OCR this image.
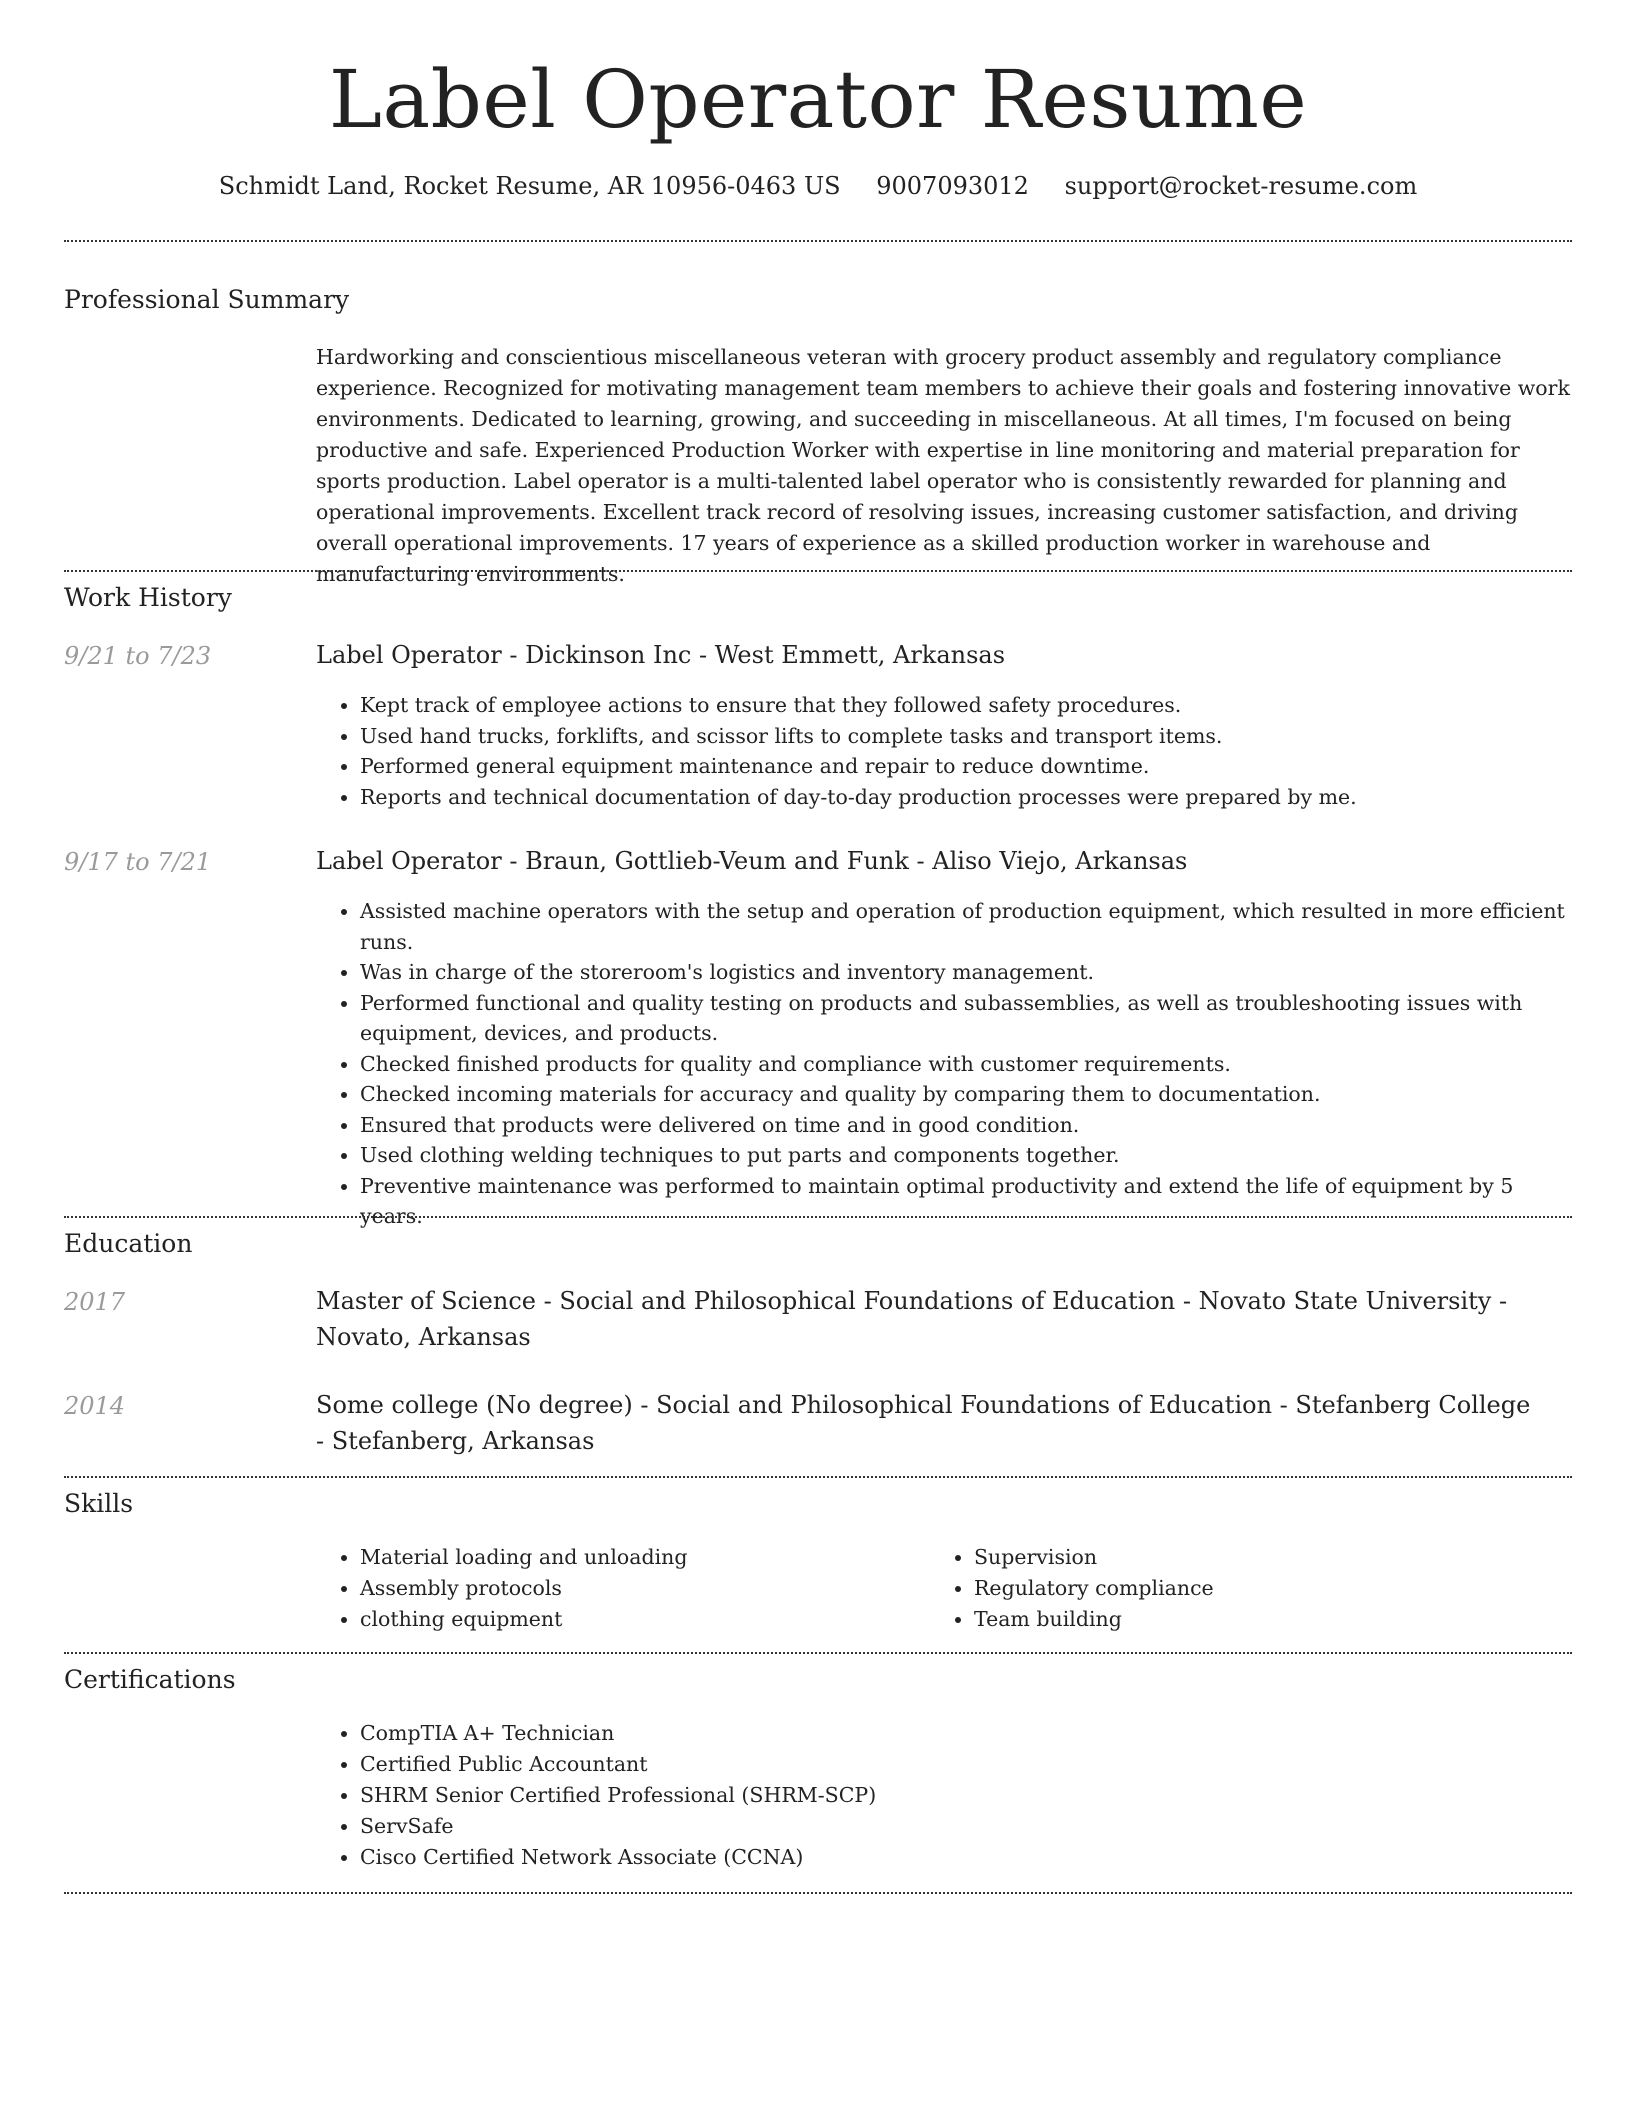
Label Operator Resume
Schmidt Land, Rocket Resume, AR 10956-0463 US 9007093012 support@rocket-resume.com
Professional Summary

Hardworking and conscientious miscellaneous veteran with grocery product assembly and regulatory compliance experience. Recognized for motivating management team members to achieve their goals and fostering innovative work environments. Dedicated to learning, growing, and succeeding in miscellaneous. At all times, I'm focused on being productive and safe. Experienced Production Worker with expertise in line monitoring and material preparation for sports production. Label operator is a multi-talented label operator who is consistently rewarded for planning and operational improvements. Excellent track record of resolving issues, increasing customer satisfaction, and driving overall operational improvements. 17 years of experience as a skilled production worker in warehouse and manufacturing environments.

Work History
9/21 to 7/23	Label Operator - Dickinson Inc - West Emmett, Arkansas
• Kept track of employee actions to ensure that they followed safety procedures.
• Used hand trucks, forklifts, and scissor lifts to complete tasks and transport items.
• Performed general equipment maintenance and repair to reduce downtime.
• Reports and technical documentation of day-to-day production processes were prepared by me.
9/17 to 7/21	Label Operator - Braun, Gottlieb-Veum and Funk - Aliso Viejo, Arkansas
• Assisted machine operators with the setup and operation of production equipment, which resulted in more efficient runs.
• Was in charge of the storeroom's logistics and inventory management.
• Performed functional and quality testing on products and subassemblies, as well as troubleshooting issues with equipment, devices, and products.
• Checked finished products for quality and compliance with customer requirements.
• Checked incoming materials for accuracy and quality by comparing them to documentation.
• Ensured that products were delivered on time and in good condition.
• Used clothing welding techniques to put parts and components together.
• Preventive maintenance was performed to maintain optimal productivity and extend the life of equipment by 5 years.
Education
2017	Master of Science - Social and Philosophical Foundations of Education - Novato State University - Novato, Arkansas
2014	Some college (No degree) - Social and Philosophical Foundations of Education - Stefanberg College - Stefanberg, Arkansas
Skills
• Material loading and unloading
• Assembly protocols
• clothing equipment
• Supervision
• Regulatory compliance
• Team building
Certifications
• CompTIA A+ Technician
• Certified Public Accountant
• SHRM Senior Certified Professional (SHRM-SCP)
• ServSafe
• Cisco Certified Network Associate (CCNA)
